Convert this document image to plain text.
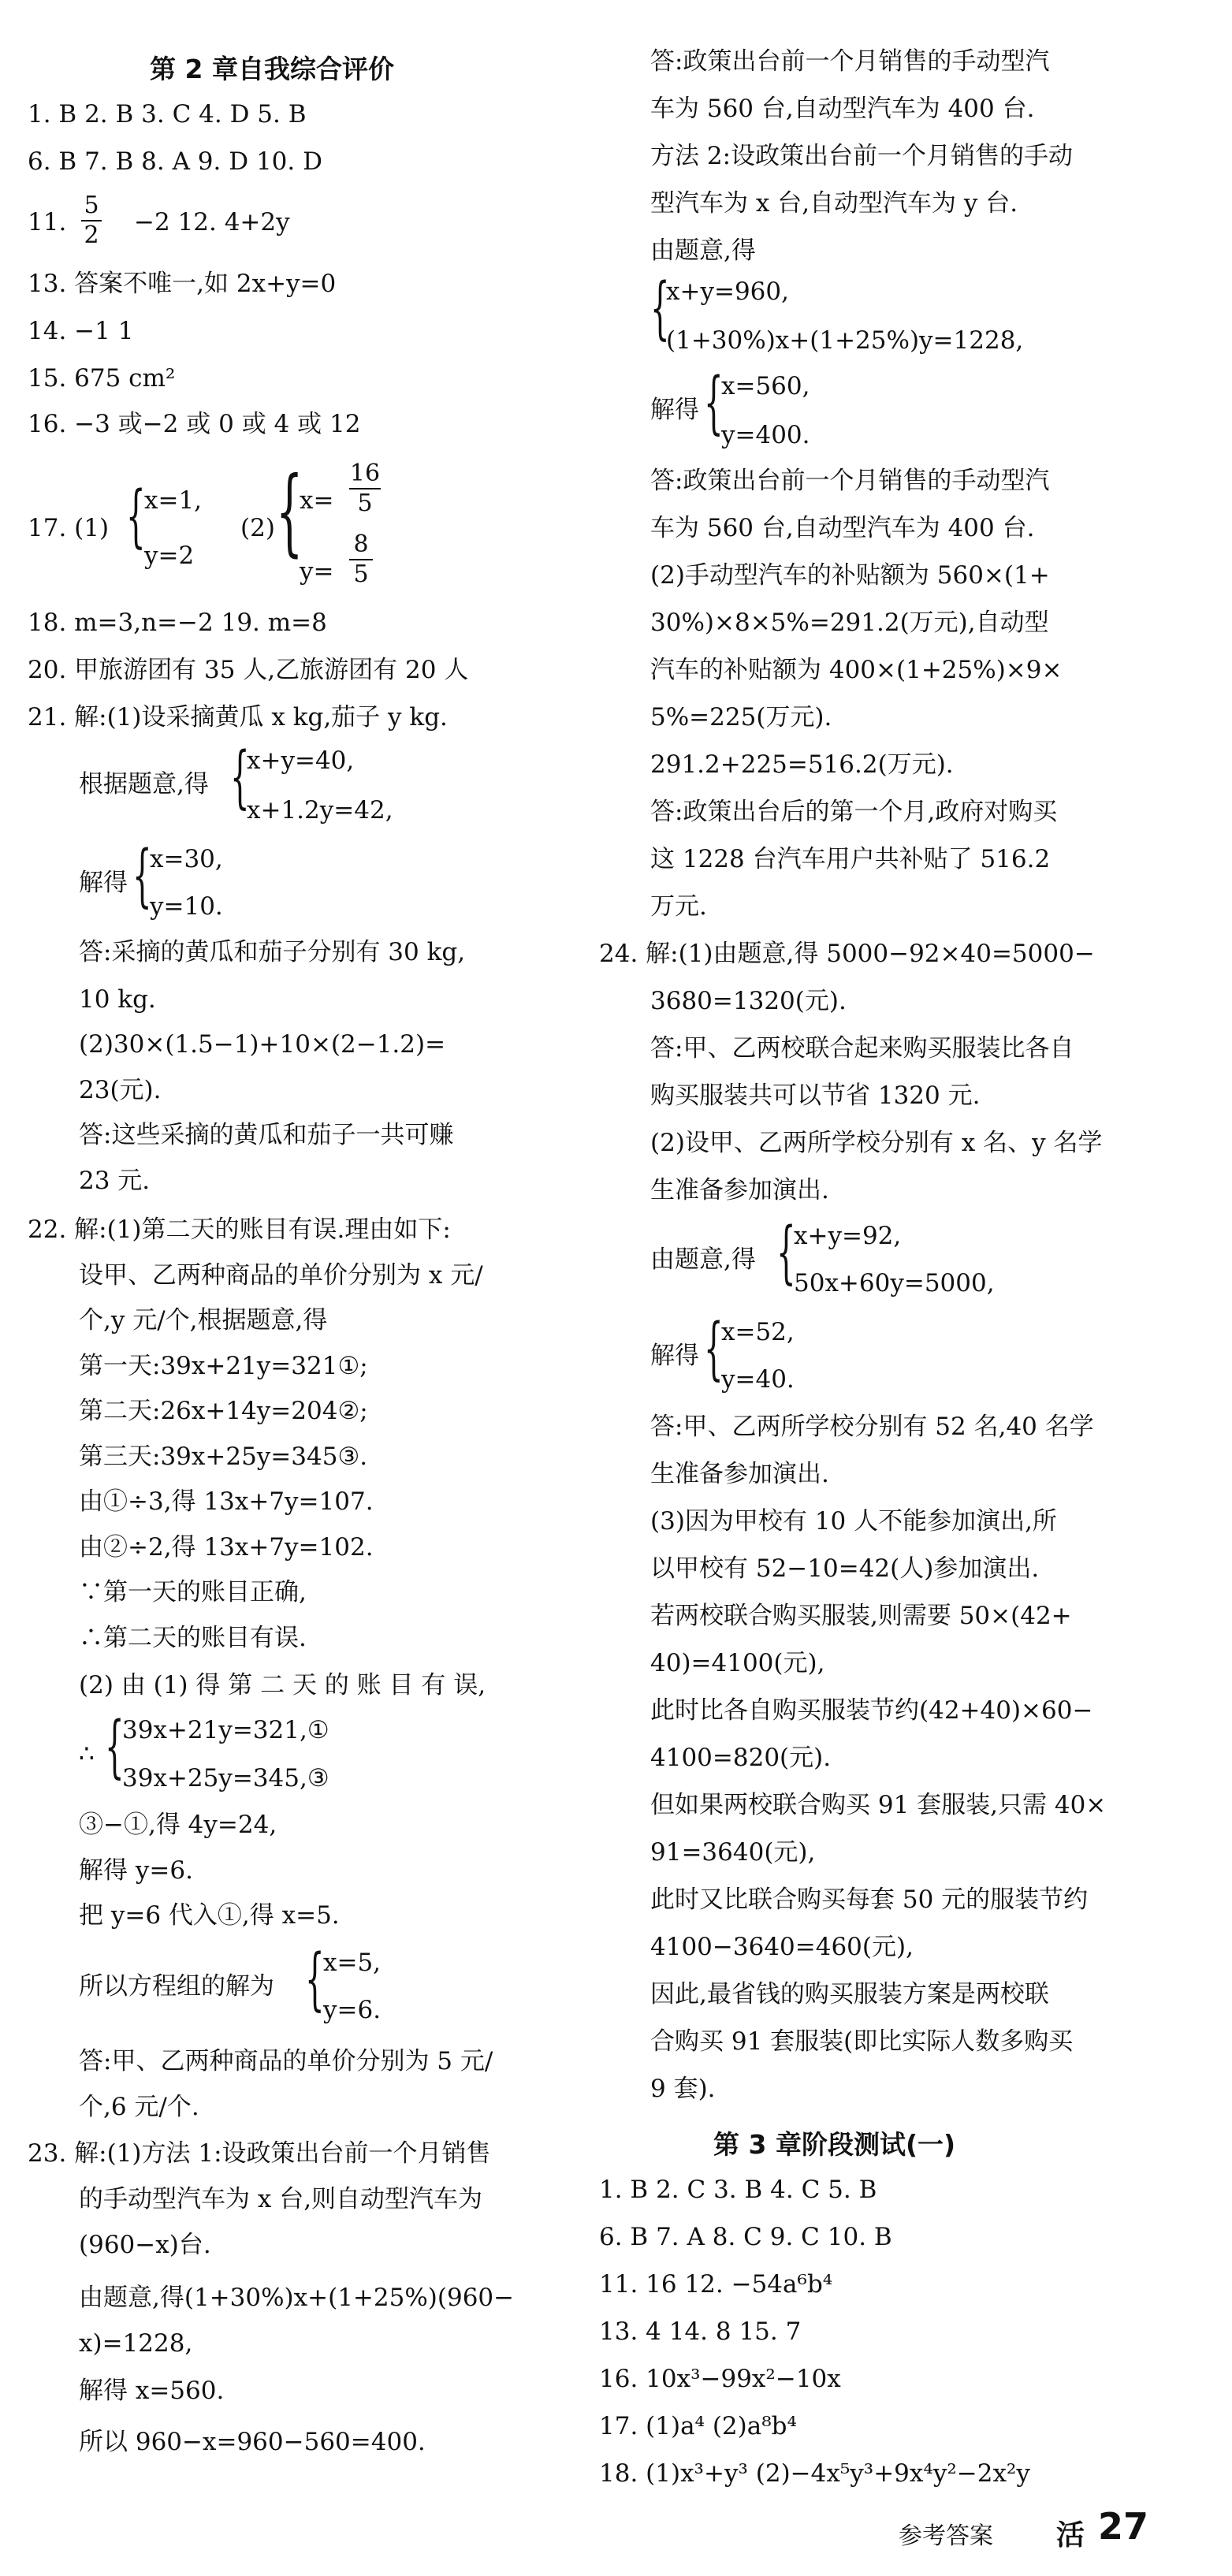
第 2 章自我综合评价
1. B 2. B 3. C 4. D 5. B
6. B 7. B 8. A 9. D 10. D
11.
5
2 −2 12. 4+2y
13. 答案不唯一,如 2x+y=0
14. −1 1
15. 675 cm²
16. −3 或−2 或 0 或 4 或 12
17. (1) {
x=1,
y=2
(2) {
x=
16
5
y=
8
5
18. m=3,n=−2 19. m=8
20. 甲旅游团有 35 人,乙旅游团有 20 人
21. 解:(1)设采摘黄瓜 x kg,茄子 y kg.
根据题意,得 {
x+y=40,
x+1.2y=42,
解得 {
x=30,
y=10.
答:采摘的黄瓜和茄子分别有 30 kg,
10 kg.
(2)30×(1.5−1)+10×(2−1.2)=
23(元).
答:这些采摘的黄瓜和茄子一共可赚
23 元.
22. 解:(1)第二天的账目有误.理由如下:
设甲、乙两种商品的单价分别为 x 元/
个,y 元/个,根据题意,得
第一天:39x+21y=321①;
第二天:26x+14y=204②;
第三天:39x+25y=345③.
由①÷3,得 13x+7y=107.
由②÷2,得 13x+7y=102.
∵第一天的账目正确,
∴第二天的账目有误.
(2) 由 (1) 得 第 二 天 的 账 目 有 误,
∴ {
39x+21y=321,①
39x+25y=345,③
③−①,得 4y=24,
解得 y=6.
把 y=6 代入①,得 x=5.
所以方程组的解为 {
x=5,
y=6.
答:甲、乙两种商品的单价分别为 5 元/
个,6 元/个.
23. 解:(1)方法 1:设政策出台前一个月销售
的手动型汽车为 x 台,则自动型汽车为
(960−x)台.
由题意,得(1+30%)x+(1+25%)(960−
x)=1228,
解得 x=560.
所以 960−x=960−560=400.
答:政策出台前一个月销售的手动型汽
车为 560 台,自动型汽车为 400 台.
方法 2:设政策出台前一个月销售的手动
型汽车为 x 台,自动型汽车为 y 台.
由题意,得
{
x+y=960,
(1+30%)x+(1+25%)y=1228,
解得 {
x=560,
y=400.
答:政策出台前一个月销售的手动型汽
车为 560 台,自动型汽车为 400 台.
(2)手动型汽车的补贴额为 560×(1+
30%)×8×5%=291.2(万元),自动型
汽车的补贴额为 400×(1+25%)×9×
5%=225(万元).
291.2+225=516.2(万元).
答:政策出台后的第一个月,政府对购买
这 1228 台汽车用户共补贴了 516.2
万元.
24. 解:(1)由题意,得 5000−92×40=5000−
3680=1320(元).
答:甲、乙两校联合起来购买服装比各自
购买服装共可以节省 1320 元.
(2)设甲、乙两所学校分别有 x 名、y 名学
生准备参加演出.
由题意,得 {
x+y=92,
50x+60y=5000,
解得 {
x=52,
y=40.
答:甲、乙两所学校分别有 52 名,40 名学
生准备参加演出.
(3)因为甲校有 10 人不能参加演出,所
以甲校有 52−10=42(人)参加演出.
若两校联合购买服装,则需要 50×(42+
40)=4100(元),
此时比各自购买服装节约(42+40)×60−
4100=820(元).
但如果两校联合购买 91 套服装,只需 40×
91=3640(元),
此时又比联合购买每套 50 元的服装节约
4100−3640=460(元),
因此,最省钱的购买服装方案是两校联
合购买 91 套服装(即比实际人数多购买
9 套).
第 3 章阶段测试(一)
1. B 2. C 3. B 4. C 5. B
6. B 7. A 8. C 9. C 10. B
11. 16 12. −54a⁶b⁴
13. 4 14. 8 15. 7
16. 10x³−99x²−10x
17. (1)a⁴ (2)a⁸b⁴
18. (1)x³+y³ (2)−4x⁵y³+9x⁴y²−2x²y
参考答案 活 27
